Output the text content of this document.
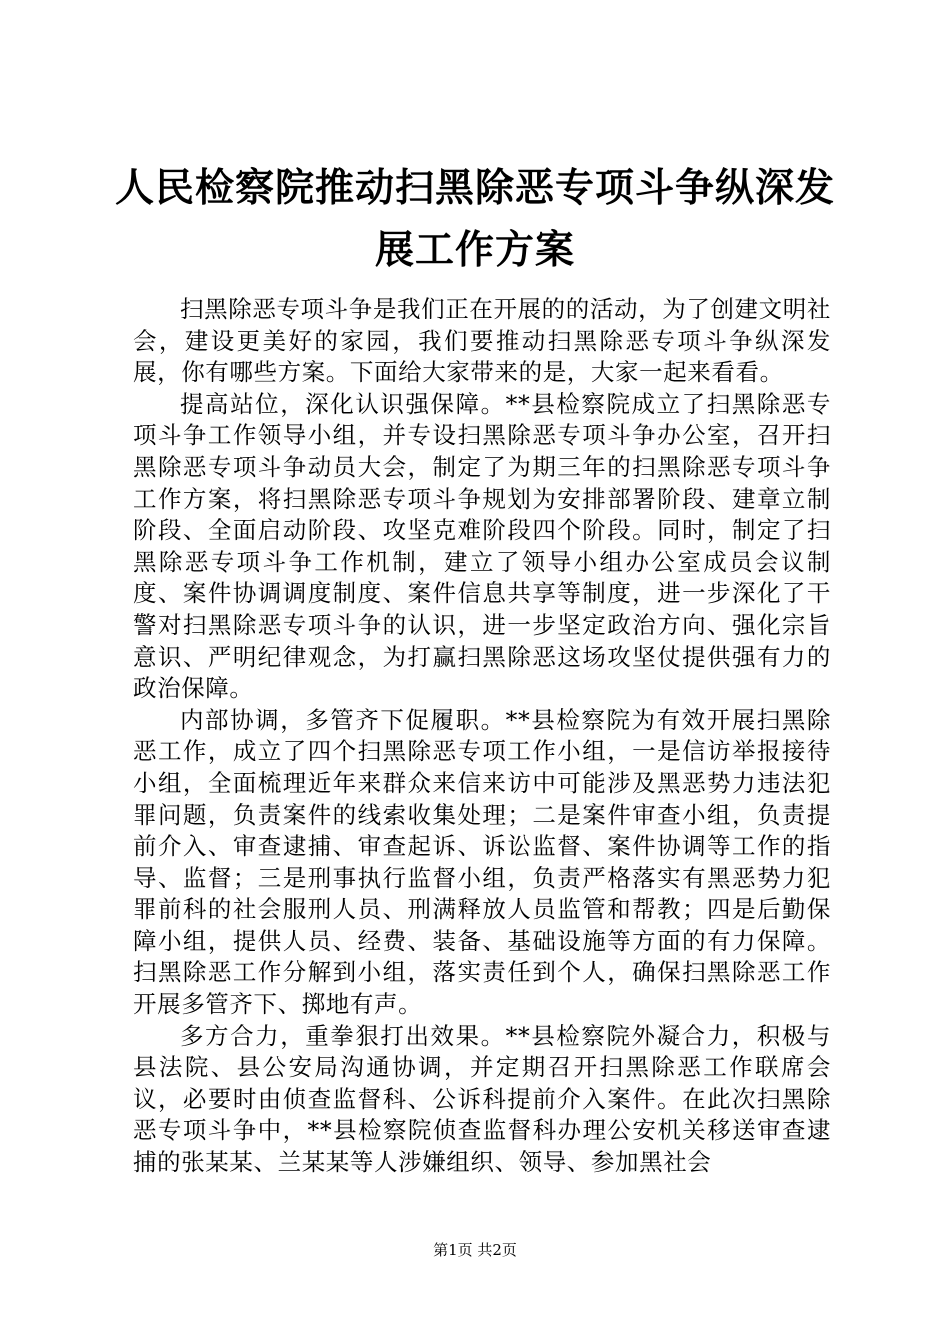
人民检察院推动扫黑除恶专项斗争纵深发展工作方案

扫黑除恶专项斗争是我们正在开展的的活动，为了创建文明社会，建设更美好的家园，我们要推动扫黑除恶专项斗争纵深发展，你有哪些方案。下面给大家带来的是，大家一起来看看。

提高站位，深化认识强保障。**县检察院成立了扫黑除恶专项斗争工作领导小组，并专设扫黑除恶专项斗争办公室，召开扫黑除恶专项斗争动员大会，制定了为期三年的扫黑除恶专项斗争工作方案，将扫黑除恶专项斗争规划为安排部署阶段、建章立制阶段、全面启动阶段、攻坚克难阶段四个阶段。同时，制定了扫黑除恶专项斗争工作机制，建立了领导小组办公室成员会议制度、案件协调调度制度、案件信息共享等制度，进一步深化了干警对扫黑除恶专项斗争的认识，进一步坚定政治方向、强化宗旨意识、严明纪律观念，为打赢扫黑除恶这场攻坚仗提供强有力的政治保障。

内部协调，多管齐下促履职。**县检察院为有效开展扫黑除恶工作，成立了四个扫黑除恶专项工作小组，一是信访举报接待小组，全面梳理近年来群众来信来访中可能涉及黑恶势力违法犯罪问题，负责案件的线索收集处理；二是案件审查小组，负责提前介入、审查逮捕、审查起诉、诉讼监督、案件协调等工作的指导、监督；三是刑事执行监督小组，负责严格落实有黑恶势力犯罪前科的社会服刑人员、刑满释放人员监管和帮教；四是后勤保障小组，提供人员、经费、装备、基础设施等方面的有力保障。扫黑除恶工作分解到小组，落实责任到个人，确保扫黑除恶工作开展多管齐下、掷地有声。

多方合力，重拳狠打出效果。**县检察院外凝合力，积极与县法院、县公安局沟通协调，并定期召开扫黑除恶工作联席会议，必要时由侦查监督科、公诉科提前介入案件。在此次扫黑除恶专项斗争中，**县检察院侦查监督科办理公安机关移送审查逮捕的张某某、兰某某等人涉嫌组织、领导、参加黑社会

第1页 共2页
